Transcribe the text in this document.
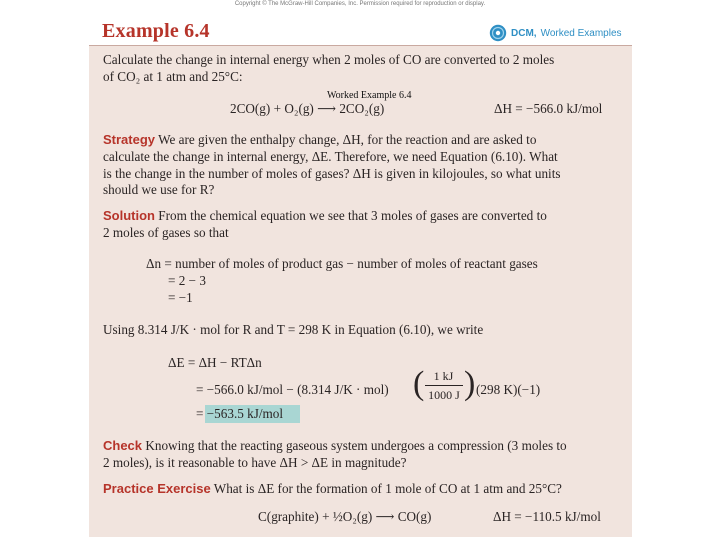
Copyright © The McGraw-Hill Companies, Inc. Permission required for reproduction or display.
Example 6.4	DCM, Worked Examples
Calculate the change in internal energy when 2 moles of CO are converted to 2 moles
of CO₂ at 1 atm and 25°C:
Worked Example 6.4
2CO(g) + O₂(g) ⟶ 2CO₂(g)	ΔH = −566.0 kJ/mol
Strategy We are given the enthalpy change, ΔH, for the reaction and are asked to
calculate the change in internal energy, ΔE. Therefore, we need Equation (6.10). What
is the change in the number of moles of gases? ΔH is given in kilojoules, so what units
should we use for R?
Solution From the chemical equation we see that 3 moles of gases are converted to
2 moles of gases so that
Δn = number of moles of product gas − number of moles of reactant gases
= 2 − 3
= −1
Using 8.314 J/K · mol for R and T = 298 K in Equation (6.10), we write
ΔE = ΔH − RTΔn
= −566.0 kJ/mol − (8.314 J/K · mol) ( 1 kJ
1000 J ) (298 K)(−1)
= −563.5 kJ/mol
Check Knowing that the reacting gaseous system undergoes a compression (3 moles to
2 moles), is it reasonable to have ΔH > ΔE in magnitude?
Practice Exercise What is ΔE for the formation of 1 mole of CO at 1 atm and 25°C?
C(graphite) + ½O₂(g) ⟶ CO(g)	ΔH = −110.5 kJ/mol
